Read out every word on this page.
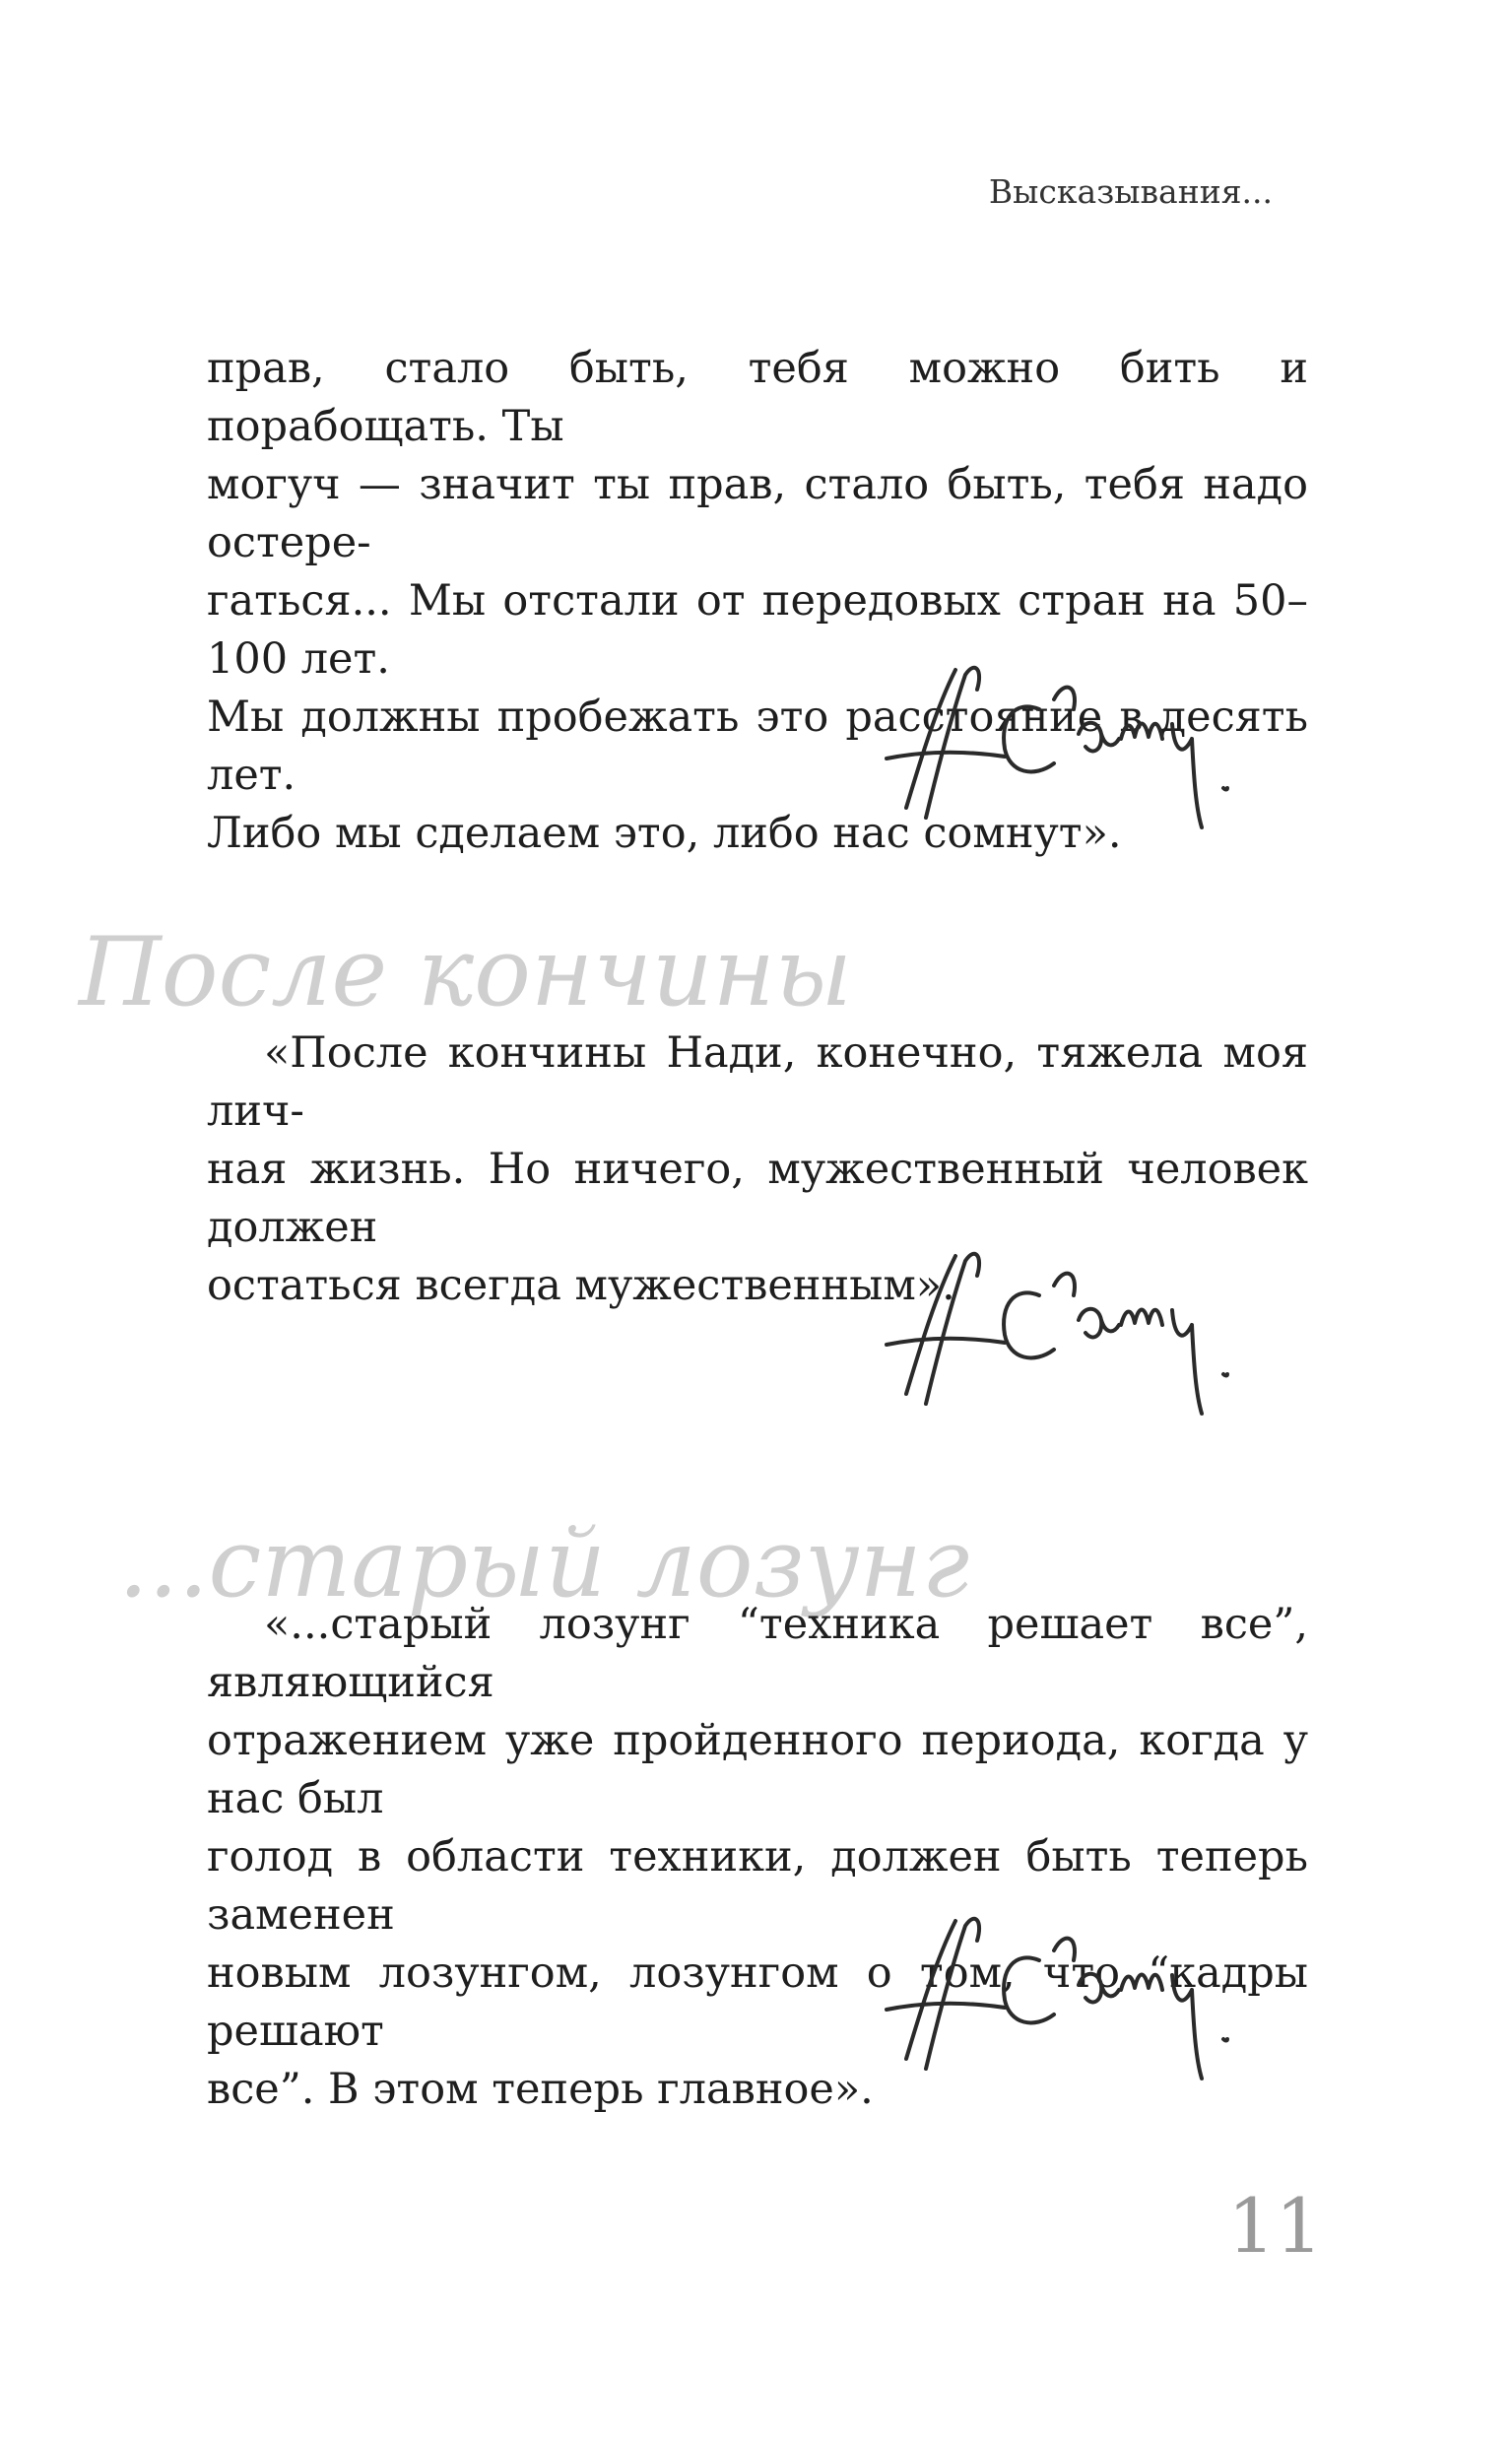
Высказывания...

прав, стало быть, тебя можно бить и порабощать. Ты

могуч — значит ты прав, стало быть, тебя надо остере-

гаться... Мы отстали от передовых стран на 50–100 лет.

Мы должны пробежать это расстояние в десять лет.

Либо мы сделаем это, либо нас сомнут».

После кончины

«После кончины Нади, конечно, тяжела моя лич-

ная жизнь. Но ничего, мужественный человек должен

остаться всегда мужественным».

...старый лозунг

«...старый лозунг “техника решает все”, являющийся

отражением уже пройденного периода, когда у нас был

голод в области техники, должен быть теперь заменен

новым лозунгом, лозунгом о том, что “кадры решают

все”. В этом теперь главное».

11
